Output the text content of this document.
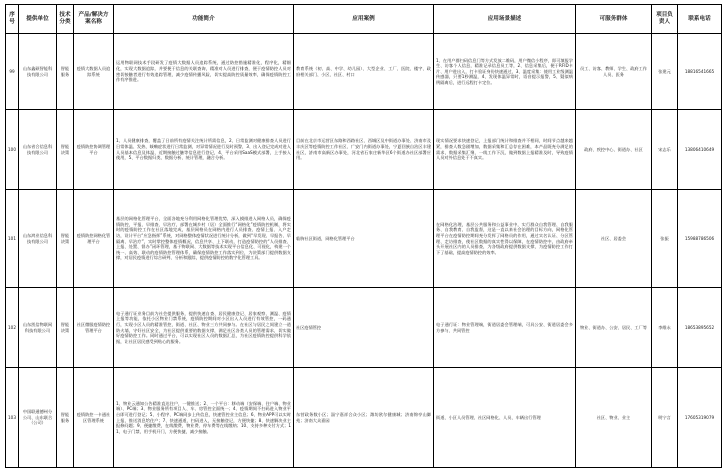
序号	提供单位	技术分类	产品/解决方案名称	功能简介	应用案例	应用场景描述	可服务群体	项目负责人	联系电话
99	山东鑫硕智能科技有限公司	智能服务	疫情大数据人员追踪系统	运用物联网技术手段研发了疫情大数据人员追踪系统，通过防控措施精准化，程序化，精细化，实现大数据追踪，并要便于信息的关联查询，精准对人员进行排查，便于疫情防控人员对密切接触者进行有效追踪管理，减少疫情传播风险，切实提高防控质量效率，确保疫情防控工作有序推进。	教育系统（初、高、中学、幼儿园）、大型企业、工厂、医院、楼宇、政府相关部门、小区、社区、村口	1、在用户群扫码信息门等方式发放二维码，用户微信小程序，即可填报学生、访客个人信息，精准记录信息员工等，2、信息采集后，便于RFID卡片、用户进出入，打卡验证身份快速通过，3、温度采集：使用工业级测温传感器，只要1秒测温，4、发现体温异常时，语音提示报警，5、疑似病例隔离后，进行远程打卡定位。	员工、访客、教师、学生、政府工作人员、医务	张建元	18816541665
100	山东省合信息科技有限公司	智能决策	疫情防控协调管理平台	1、人员健康排查，覆盖了日前所有疫情关注统计所需信息，2、日常监测对健康排查人员进行日常体温、发热、咳嗽症状进行日常监测，对异常情况进行及时预警，3、出入登记完成对进入人员基本信息及体温、近期接触过触等信息进行登记，4、平台采用SaaS模式部署，上手接入使用，5、平台数据归类、数据分析、统计管理，融合分析。	目前在北京市运营区东路和西路社区、西城区及中街道办事处、济南市及丰庆区等疫情防控工作社区、广安门内街道办事处，宁夏回族自治区丰建社区，济南市高新区办事处，河北省石家庄新华区6个街道办社区部署应用。	现实情况要求快速登记，上报部门统计和排查并不相同，时间节点越来越紧，排查人数急剧增加，数据采集和汇总存在困难，本产品既充分满足的需求，数据采集汇聚、一线工作下沉，做到数据上报精准及时，导致疫情人员对外信息处于不真实。	政府、疾控中心、街道办、社区	宋志乐	13806410649
101	山东鸿业信息科技有限公司	智能决策	疫情防控网格化管理平台	基层的网格化管理平台，全面各地充分利用网格化管理优势，深入摸排进入网格人员，确保疫情防控，平报、早排查、早治疗，部署在城乡村（居）全面推行“网格化”疫情防控机制，将实时的疫情防控工作在社区落地完成，基层网格员在网格内进行人员排查、疫情上报、入户走访，设计平台“应急指挥”系统，对网格整体疫情状况进行统计分析，做到“早发现、早报告、早隔离、早治疗”，实时掌控整体疫情概况，信息共享、上下联动，打造疫情防控的“人员排查、上报、处置、督办”闭环管理，基于物联网、大数据等技术实现平台信息化、可视化，构建一个统一、高效、联动的疫情防控管理体系，确保疫情防控工作落实到位，为决策部门提供数据支撑，对居民疫情进行综合研判、分析和跟踪，提供疫情防控的数字化管理工具。	临朐社区街道，网格化管理平台	在网格化治理，基层公共服务和公益事业中，实行群众自我管理、自我服务、自我教育、自我监督，这是一直以来社会治理的目标方向，网格化管理平台在疫情防控期间充分发挥了网格员的作用，通过实名认证、分区管理、走访排查，使社区数据的真实性得以保障，在疫情防控中，由政府牵头开展社区内的人员排查，为各级政府提供数据支撑，为疫情防控工作打下了基础，提高疫情防控的效率。	社区、居委会	张振	15988786506
102	山东凯信物联网科技有限公司	智能决策	社区微服疫情防控管理平台	电子通行证业务目前为社会提供服务，提供快速自查、居民健康登记、居家观察、测温、疫情上报等功能，依托小区物业门禁系统，疫情防控期间对小区出入人员进行有效管控，一码通行，实现小区人员的精准管控，街道、社区、物业三方共同参与。在社区与居民之间建立一道防火墙，守好社区安全，为社区提供重要的数据支撑，满足社区各类人员的管理需求，切实做好疫情防控工作。同时通过平台，可以实现社区人员的数据汇总，为社区疫情防控提供科学依据，让社区居民感受到贴心的服务。	社区疫情管控	电子通行证：物业管理端，街道居委会管理端，可具公安、街道居委会多方参与、共同管控	物业、街道办、公安、居民、工厂等	李维永	18653895652
103	中国联通德州分公司、山东联合（公司）	智能服务	疫情防控一卡通社区管理系统	1、物业云通知公告精准直达住户，一键推送；2、一个平台：移动端（安保端、住户端、物业端）、PC端；3、物业服务所有项目人、车、房管控全面统一；4、疫情期间不扫码进入物业平台即可进行登记；5、小程序、PC端同步上传信息，快速管控业主信息；6、物业APP可以实时上报，推送消息给住户；7、快速通道，扫码进入，无接触登记，方便快捷；8、快速解决业主报修问题；9、便捷缴费，在线缴费，物业费、停车费等在线缴纳；10、支持多种支付方式；11、电子门禁，用手机开门，方便快捷，减少接触。	东营政务数小区；淄宁嘉祥合众小区；潍坊欧尔健康城；济南锦亭山御苑；济南大众嘉园	街道、小区人员管理、社区网格化、人员、车辆出行管理	社区、物业、业主	明宁言	17605319079
